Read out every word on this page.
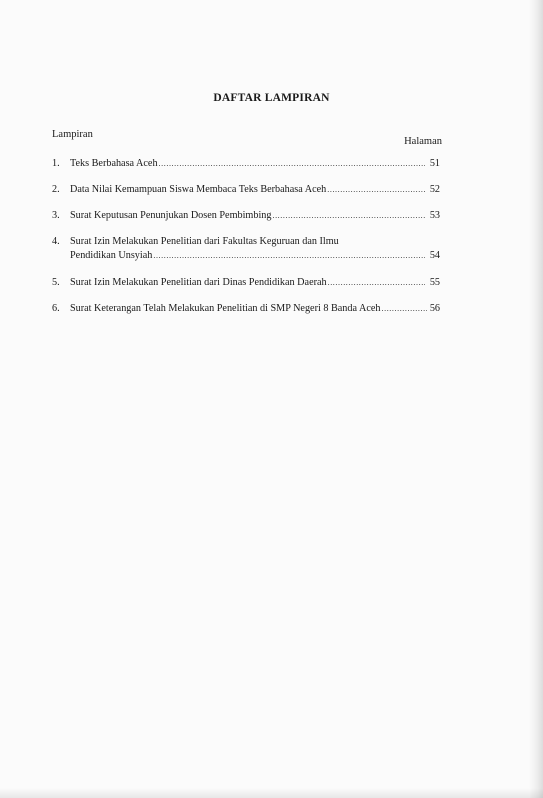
DAFTAR LAMPIRAN
Lampiran
Halaman
1.	Teks Berbahasa Aceh .....	51
2.	Data Nilai Kemampuan Siswa Membaca Teks Berbahasa Aceh .....	52
3.	Surat Keputusan Penunjukan Dosen Pembimbing .....	53
4.	Surat Izin Melakukan Penelitian dari Fakultas Keguruan dan Ilmu
Pendidikan Unsyiah .....	54
5.	Surat Izin Melakukan Penelitian dari Dinas Pendidikan Daerah .....	55
6.	Surat Keterangan Telah Melakukan Penelitian di SMP Negeri 8 Banda Aceh .....	56
